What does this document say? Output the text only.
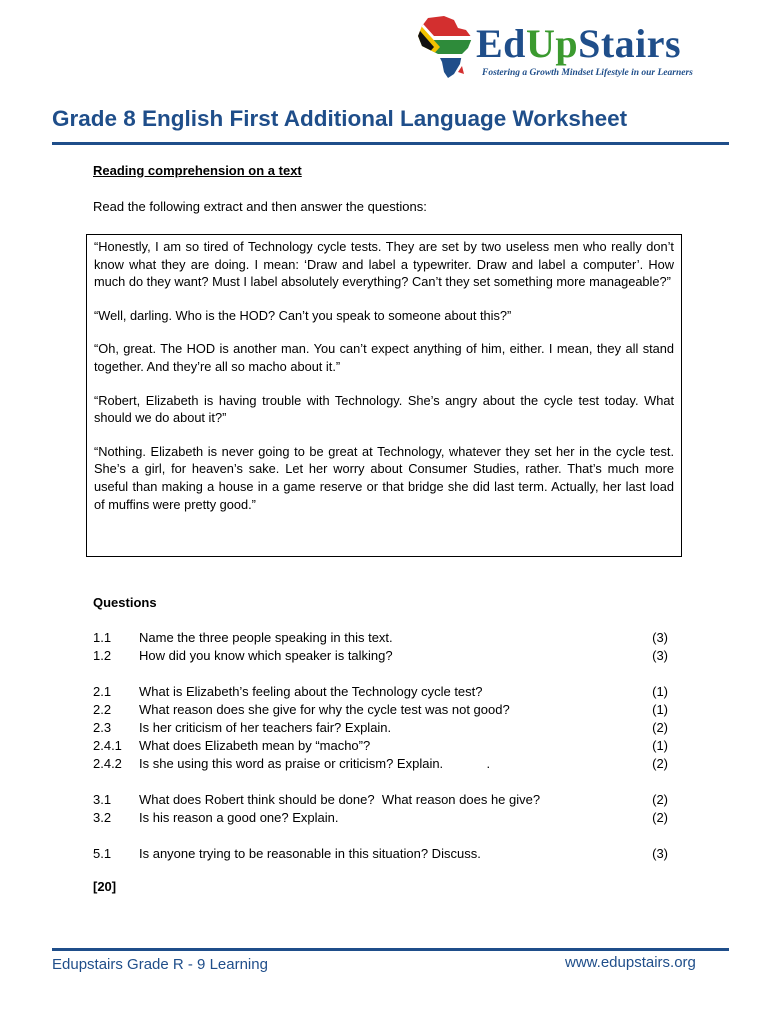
EdUpStairs
Fostering a Growth Mindset Lifestyle in our Learners
Grade 8 English First Additional Language Worksheet
Reading comprehension on a text
Read the following extract and then answer the questions:

“Honestly, I am so tired of Technology cycle tests. They are set by two useless men who really don’t know what they are doing. I mean: ‘Draw and label a typewriter. Draw and label a computer’. How much do they want? Must I label absolutely everything? Can’t they set something more manageable?”

“Well, darling. Who is the HOD? Can’t you speak to someone about this?”

“Oh, great. The HOD is another man. You can’t expect anything of him, either. I mean, they all stand together. And they’re all so macho about it.”

“Robert, Elizabeth is having trouble with Technology. She’s angry about the cycle test today. What should we do about it?”

“Nothing. Elizabeth is never going to be great at Technology, whatever they set her in the cycle test. She’s a girl, for heaven’s sake. Let her worry about Consumer Studies, rather. That’s much more useful than making a house in a game reserve or that bridge she did last term. Actually, her last load of muffins were pretty good.”

Questions
1.1 Name the three people speaking in this text.	(3)
1.2 How did you know which speaker is talking?	(3)
2.1 What is Elizabeth’s feeling about the Technology cycle test?	(1)
2.2 What reason does she give for why the cycle test was not good?	(1)
2.3 Is her criticism of her teachers fair? Explain.	(2)
2.4.1 What does Elizabeth mean by “macho”?	(1)
2.4.2 Is she using this word as praise or criticism? Explain.            .	(2)
3.1 What does Robert think should be done?  What reason does he give?	(2)
3.2 Is his reason a good one? Explain.	(2)
5.1 Is anyone trying to be reasonable in this situation? Discuss.	(3)
[20]
Edupstairs Grade R - 9 Learning	www.edupstairs.org
